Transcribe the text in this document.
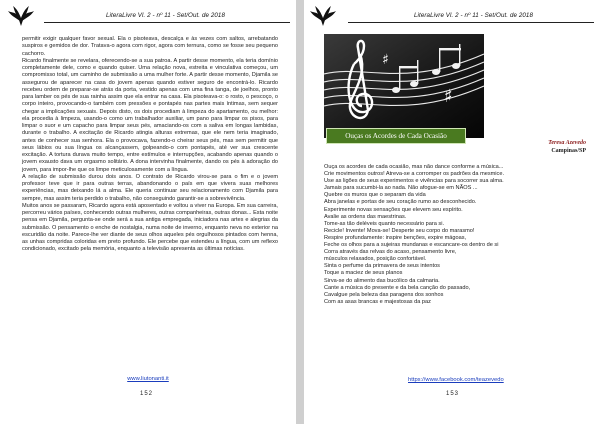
LiteraLivre Vl. 2 - nº 11 - Set/Out. de 2018

permitir exigir qualquer favor sexual. Ela o pisoteava, descalça e às vezes com saltos, arrebatando suspiros e gemidos de dor. Tratava-o agora com rigor, agora com ternura, como se fosse seu pequeno cachorro.

Ricardo finalmente se revelara, oferecendo-se a sua patroa. A partir desse momento, ela teria domínio completamente dele, como e quando quiser. Uma relação nova, estreita e vinculativa começou, um compromisso total, um caminho de submissão a uma mulher forte. A partir desse momento, Djamila se assegurou de aparecer na casa do jovem apenas quando estiver seguro de encontrá-lo. Ricardo recebeu ordem de preparar-se atrás da porta, vestido apenas com uma fina tanga, de joelhos, pronto para lamber os pés de sua rainha assim que ela entrar na casa. Ela pisoteava-o: o rosto, o pescoço, o corpo inteiro, provocando-o também com pressões e pontapés nas partes mais íntimas, sem sequer chegar a implicações sexuais. Depois disto, os dois procediam à limpeza do apartamento, ou melhor: ela procedia à limpeza, usando-o como um trabalhador auxiliar, um pano para limpar os pisos, para limpar o suor e um capacho para limpar seus pés, amaciando-os com a saliva em longas lambidas, durante o trabalho. A excitação de Ricardo atingia alturas extremas, que ele nem teria imaginado, antes de conhecer sua senhora. Ela o provocava, fazendo-o cheirar seus pés, mas sem permitir que seus lábios ou sua língua os alcançassem, golpeando-o com pontapés, até ver sua crescente excitação. A tortura durava muito tempo, entre estímulos e interrupções, acabando apenas quando o jovem exausto dava um orgasmo solitário. A dona intervinha finalmente, dando os pés à adoração do jovem, para impor-lhe que os limpe meticulosamente com a língua.

A relação de submissão durou dois anos. O contrato de Ricardo virou-se para o fim e o jovem professor teve que ir para outras terras, abandonando o país em que vivera suas melhores experiências, mas deixando lá a alma. Ele queria continuar seu relacionamento com Djamila para sempre, mas assim teria perdido o trabalho, não conseguindo garantir-se a sobrevivência.

Muitos anos se passaram, Ricardo agora está aposentado e voltou a viver na Europa. Em sua carreira, percorreu vários países, conhecendo outras mulheres, outras companheiras, outras donas... Esta noite pensa em Djamila, pergunta-se onde será a sua antiga empregada, iniciadora nas artes e alegrias da submissão. O pensamento o enche de nostalgia, numa noite de inverno, enquanto neva no exterior na escuridão da noite. Parece-lhe ver diante de seus olhos aqueles pés orgulhosos pintados com henna, as unhas compridas coloridas em preto profundo. Ele percebe que estendeu a língua, com um reflexo condicionado, excitado pela memória, enquanto a televisão apresenta as últimas notícias.

www.liutonanti.it
152
LiteraLivre Vl. 2 - nº 11 - Set/Out. de 2018
♯
♯
Ouças os Acordes de Cada Ocasião
Teresa Azevedo
Campinas/SP
Ouça os acordes de cada ocasião, mas não dance conforme a música...
Crie movimentos outros! Atreva-se a corromper os padrões da mesmice.
Use as ligões de seus experimentos e vivências para socorrer sua alma.
Jamais para sucumbi-la ao nada. Não afogue-se em NÃOS ...
Quebre os muros que o separam da vida
Abra janelas e portas de seu coração rumo ao desconhecido.
Experimente novas sensações que elevem seu espírito.
Avalie as ordens das maestrinas.
Tome-as tão deléveis quanto necessário para si.
Recicle! Invente! Mova-se! Desperte seu corpo do marasmo!
Respire profundamente: inspire benções, expire mágoas,
Feche os olhos para a sujeiras mundanas e escancare-os dentro de si
Corra através das relvas do acaso, pensamento livre,
músculos relaxados, posição confortável.
Sinta o perfume da primavera de seus intentos
Toque a maciez de seus planos
Sirva-se do alimento das bucólico da calmaria.
Cante a música do presente e da bela canção do passado,
Cavalgue pela beleza das paragens dos sonhos
Com as asas brancas e majestosas da paz
https://www.facebook.com/teazevedo
153
